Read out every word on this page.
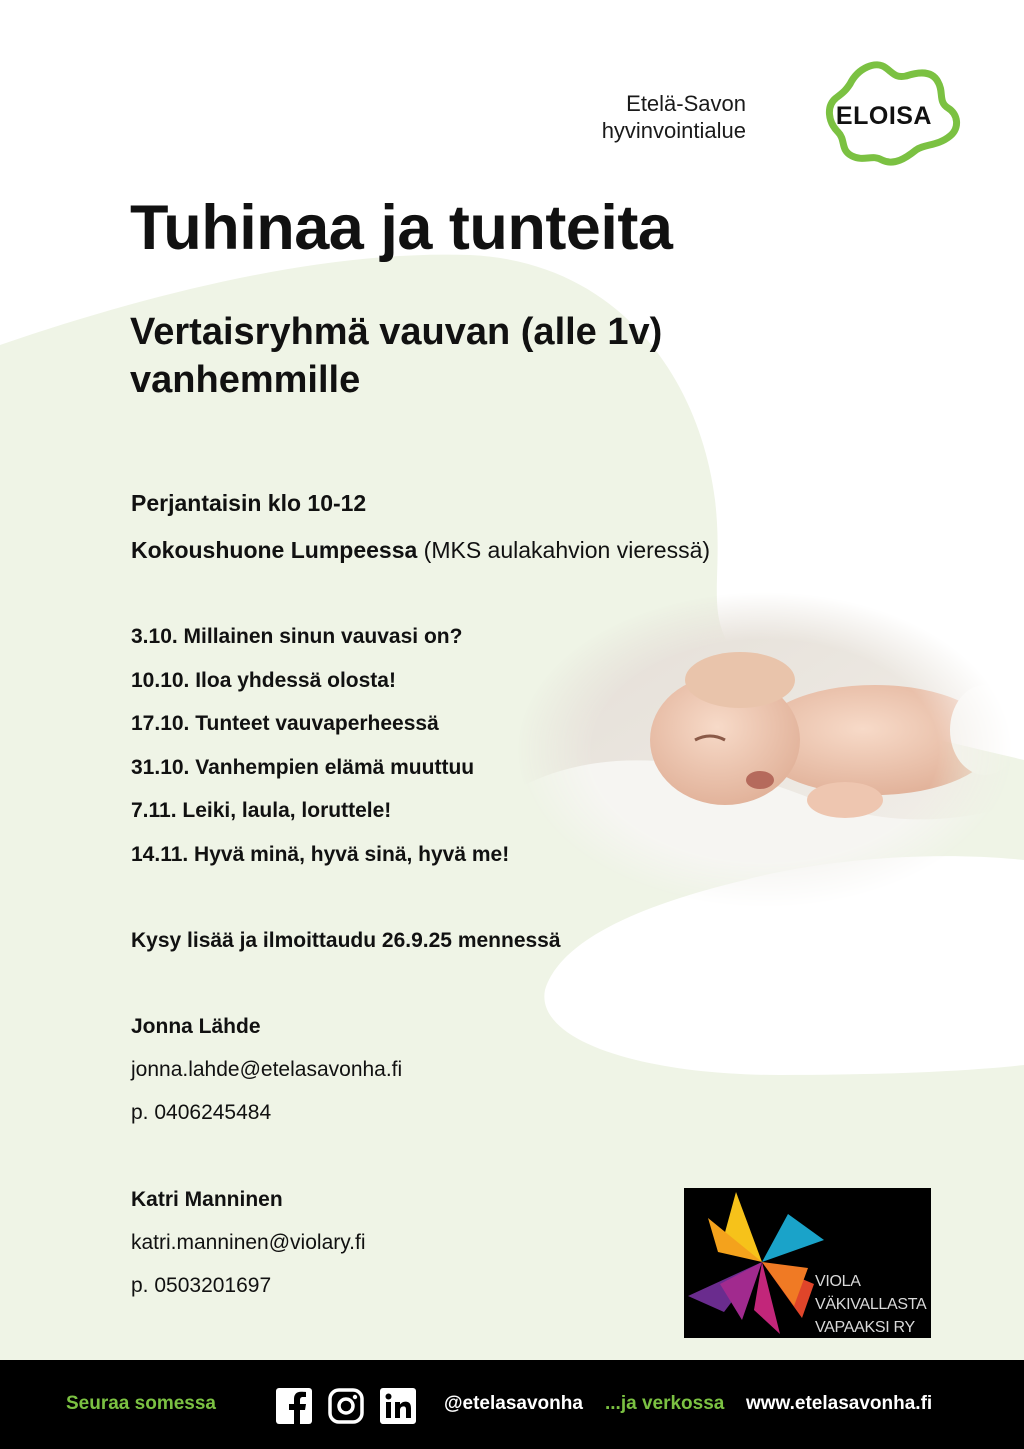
Etelä-Savon
hyvinvointialue
ELOISA
Tuhinaa ja tunteita
Vertaisryhmä vauvan (alle 1v) vanhemmille
Perjantaisin klo 10-12
Kokoushuone Lumpeessa (MKS aulakahvion vieressä)
3.10. Millainen sinun vauvasi on?
10.10. Iloa yhdessä olosta!
17.10. Tunteet vauvaperheessä
31.10. Vanhempien elämä muuttuu
7.11. Leiki, laula, loruttele!
14.11. Hyvä minä, hyvä sinä, hyvä me!
Kysy lisää ja ilmoittaudu 26.9.25 mennessä
Jonna Lähde
jonna.lahde@etelasavonha.fi
p. 0406245484
Katri Manninen
katri.manninen@violary.fi
p. 0503201697	VIOLA
VÄKIVALLASTA
VAPAAKSI RY
Seuraa somessa	@etelasavonha ...ja verkossa www.etelasavonha.fi
